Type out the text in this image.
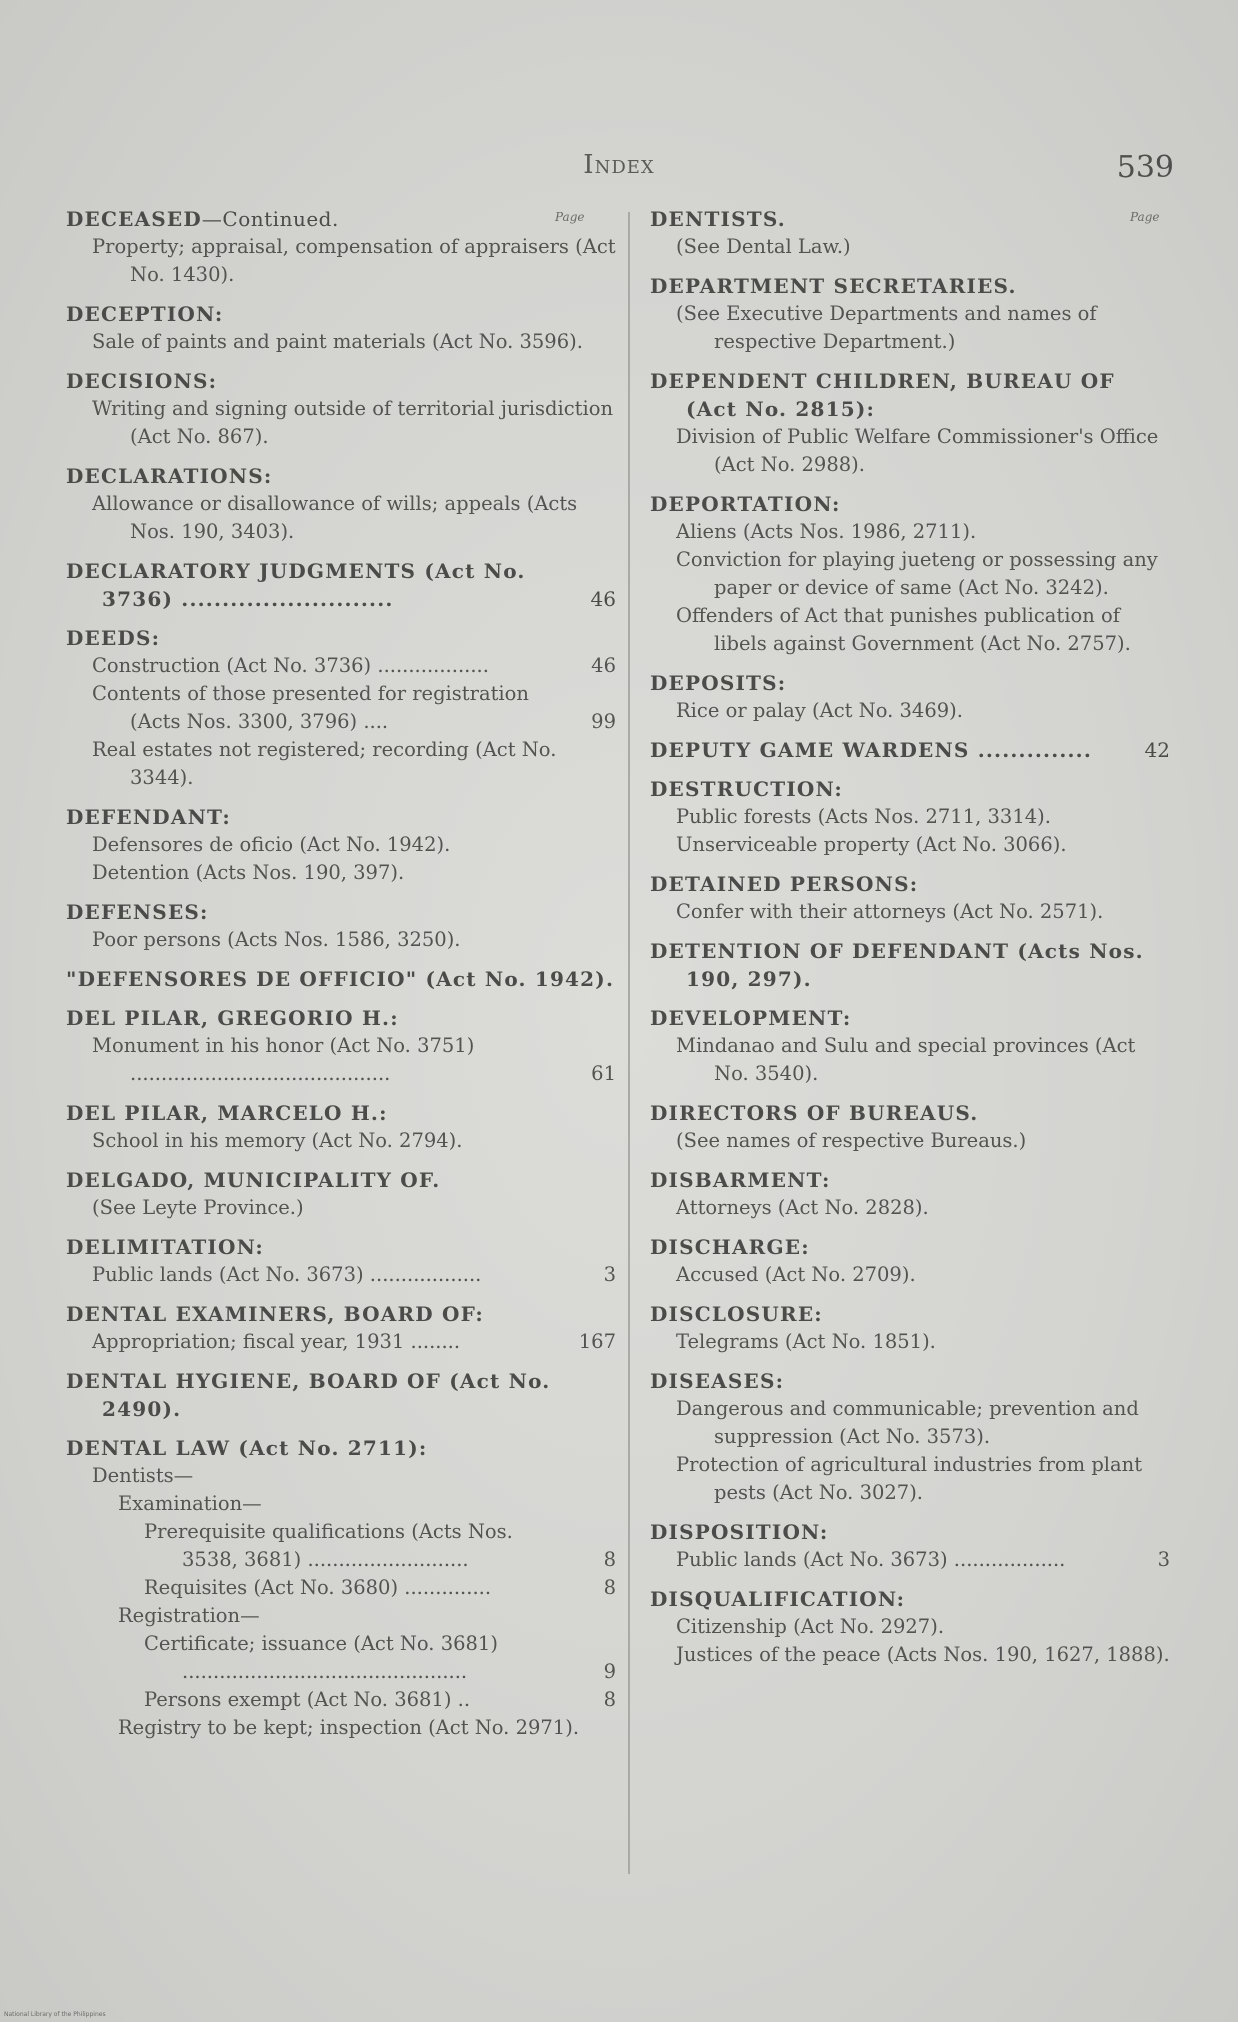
Index	539
Page	Page
DECEASED—Continued.
Property; appraisal, compensation of appraisers (Act No. 1430).
DECEPTION:
Sale of paints and paint materials (Act No. 3596).
DECISIONS:
Writing and signing outside of territorial jurisdiction (Act No. 867).
DECLARATIONS:
Allowance or disallowance of wills; appeals (Acts Nos. 190, 3403).
DECLARATORY JUDGMENTS (Act No. 3736) ..........................	46
DEEDS:
Construction (Act No. 3736) ..................	46
Contents of those presented for registration (Acts Nos. 3300, 3796) ....	99
Real estates not registered; recording (Act No. 3344).
DEFENDANT:
Defensores de oficio (Act No. 1942).
Detention (Acts Nos. 190, 397).
DEFENSES:
Poor persons (Acts Nos. 1586, 3250).
"DEFENSORES DE OFFICIO" (Act No. 1942).
DEL PILAR, GREGORIO H.:
Monument in his honor (Act No. 3751) ..........................................	61
DEL PILAR, MARCELO H.:
School in his memory (Act No. 2794).
DELGADO, MUNICIPALITY OF.
(See Leyte Province.)
DELIMITATION:
Public lands (Act No. 3673) ..................	3
DENTAL EXAMINERS, BOARD OF:
Appropriation; fiscal year, 1931 ........	167
DENTAL HYGIENE, BOARD OF (Act No. 2490).
DENTAL LAW (Act No. 2711):
Dentists—
Examination—
Prerequisite qualifications (Acts Nos. 3538, 3681) ..........................	8
Requisites (Act No. 3680) ..............	8
Registration—
Certificate; issuance (Act No. 3681) ..............................................	9
Persons exempt (Act No. 3681) ..	8
Registry to be kept; inspection (Act No. 2971).
DENTISTS.
(See Dental Law.)
DEPARTMENT SECRETARIES.
(See Executive Departments and names of respective Department.)
DEPENDENT CHILDREN, BUREAU OF (Act No. 2815):
Division of Public Welfare Commissioner's Office (Act No. 2988).
DEPORTATION:
Aliens (Acts Nos. 1986, 2711).
Conviction for playing jueteng or possessing any paper or device of same (Act No. 3242).
Offenders of Act that punishes publication of libels against Government (Act No. 2757).
DEPOSITS:
Rice or palay (Act No. 3469).
DEPUTY GAME WARDENS ..............	42
DESTRUCTION:
Public forests (Acts Nos. 2711, 3314).
Unserviceable property (Act No. 3066).
DETAINED PERSONS:
Confer with their attorneys (Act No. 2571).
DETENTION OF DEFENDANT (Acts Nos. 190, 297).
DEVELOPMENT:
Mindanao and Sulu and special provinces (Act No. 3540).
DIRECTORS OF BUREAUS.
(See names of respective Bureaus.)
DISBARMENT:
Attorneys (Act No. 2828).
DISCHARGE:
Accused (Act No. 2709).
DISCLOSURE:
Telegrams (Act No. 1851).
DISEASES:
Dangerous and communicable; prevention and suppression (Act No. 3573).
Protection of agricultural industries from plant pests (Act No. 3027).
DISPOSITION:
Public lands (Act No. 3673) ..................	3
DISQUALIFICATION:
Citizenship (Act No. 2927).
Justices of the peace (Acts Nos. 190, 1627, 1888).
National Library of the Philippines
